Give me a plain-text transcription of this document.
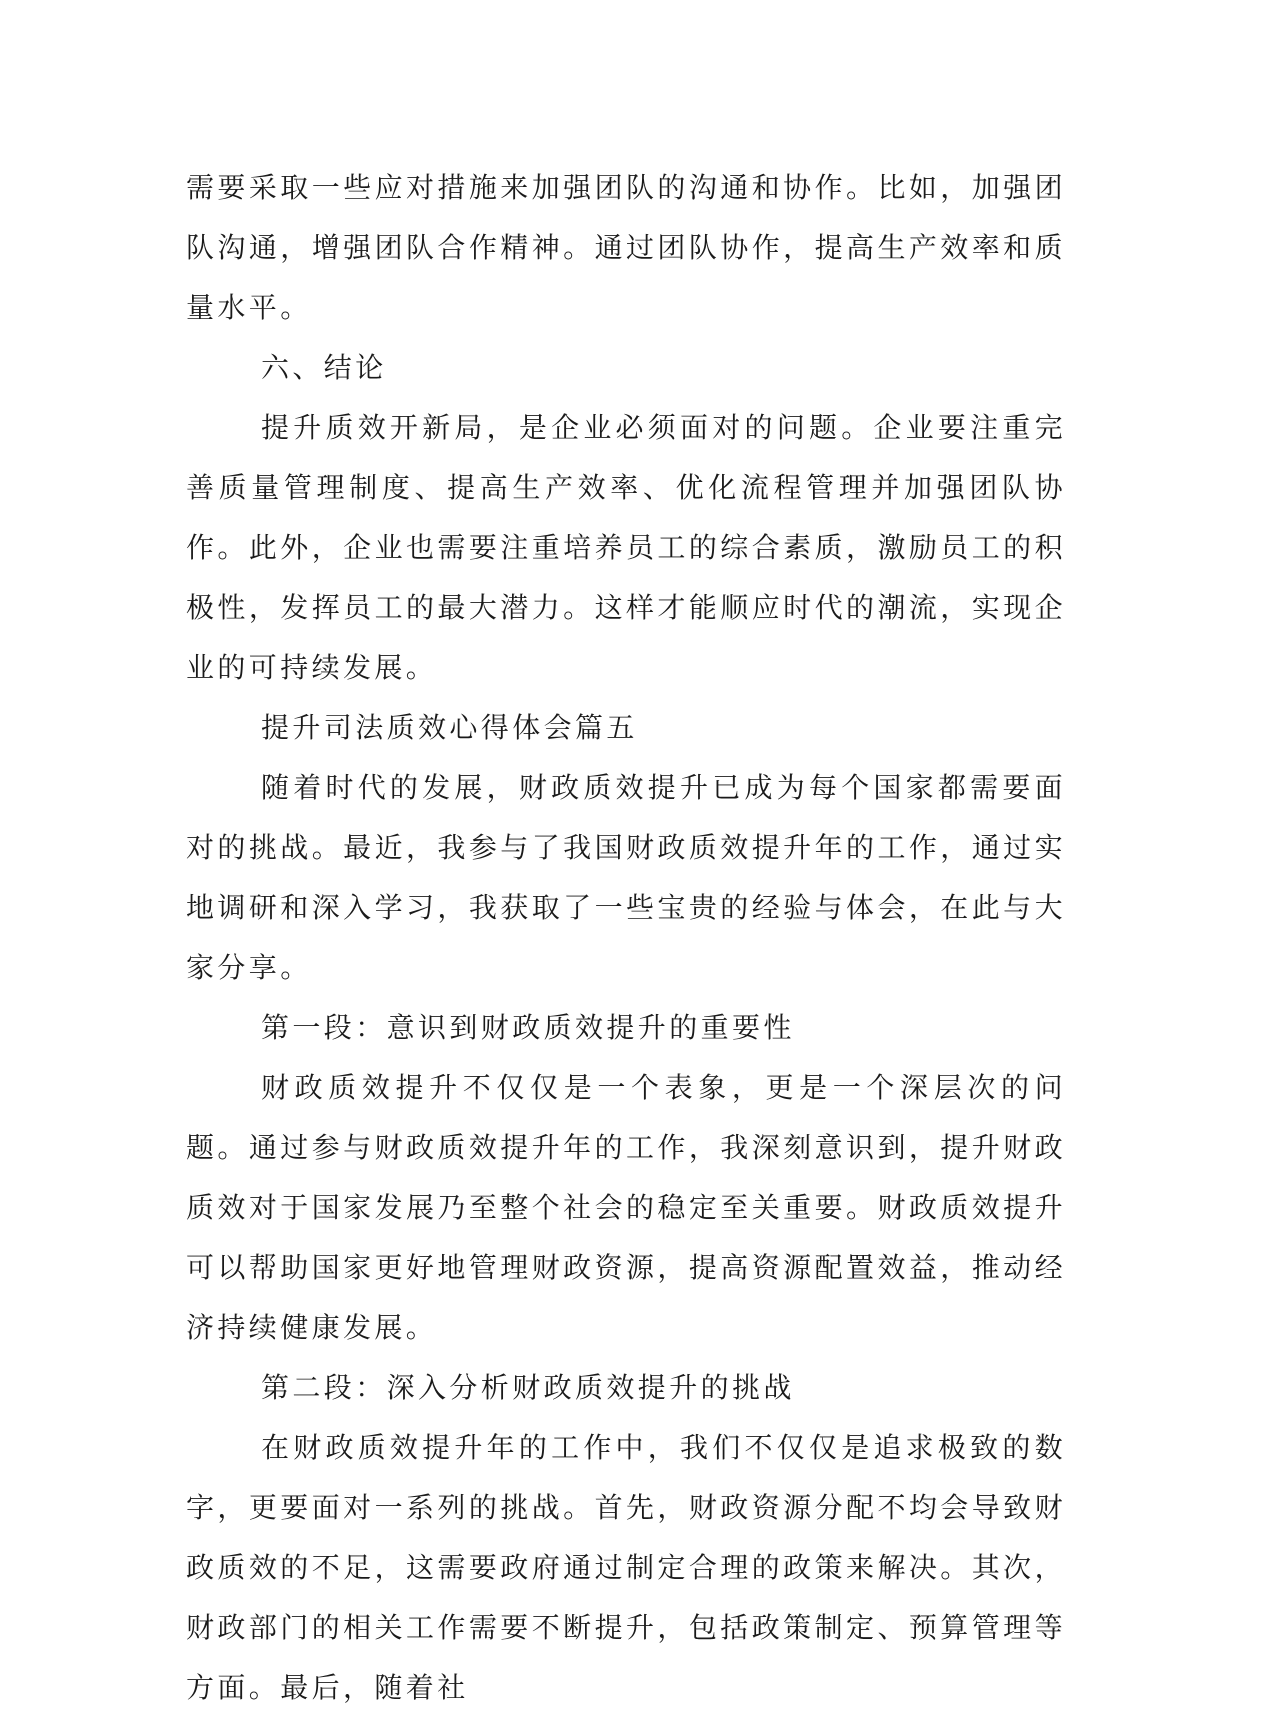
需要采取一些应对措施来加强团队的沟通和协作。比如，加强团队沟通，增强团队合作精神。通过团队协作，提高生产效率和质量水平。

六、结论

提升质效开新局，是企业必须面对的问题。企业要注重完善质量管理制度、提高生产效率、优化流程管理并加强团队协作。此外，企业也需要注重培养员工的综合素质，激励员工的积极性，发挥员工的最大潜力。这样才能顺应时代的潮流，实现企业的可持续发展。

提升司法质效心得体会篇五

随着时代的发展，财政质效提升已成为每个国家都需要面对的挑战。最近，我参与了我国财政质效提升年的工作，通过实地调研和深入学习，我获取了一些宝贵的经验与体会，在此与大家分享。

第一段：意识到财政质效提升的重要性

财政质效提升不仅仅是一个表象，更是一个深层次的问题。通过参与财政质效提升年的工作，我深刻意识到，提升财政质效对于国家发展乃至整个社会的稳定至关重要。财政质效提升可以帮助国家更好地管理财政资源，提高资源配置效益，推动经济持续健康发展。

第二段：深入分析财政质效提升的挑战

在财政质效提升年的工作中，我们不仅仅是追求极致的数字，更要面对一系列的挑战。首先，财政资源分配不均会导致财政质效的不足，这需要政府通过制定合理的政策来解决。其次，财政部门的相关工作需要不断提升，包括政策制定、预算管理等方面。最后，随着社
